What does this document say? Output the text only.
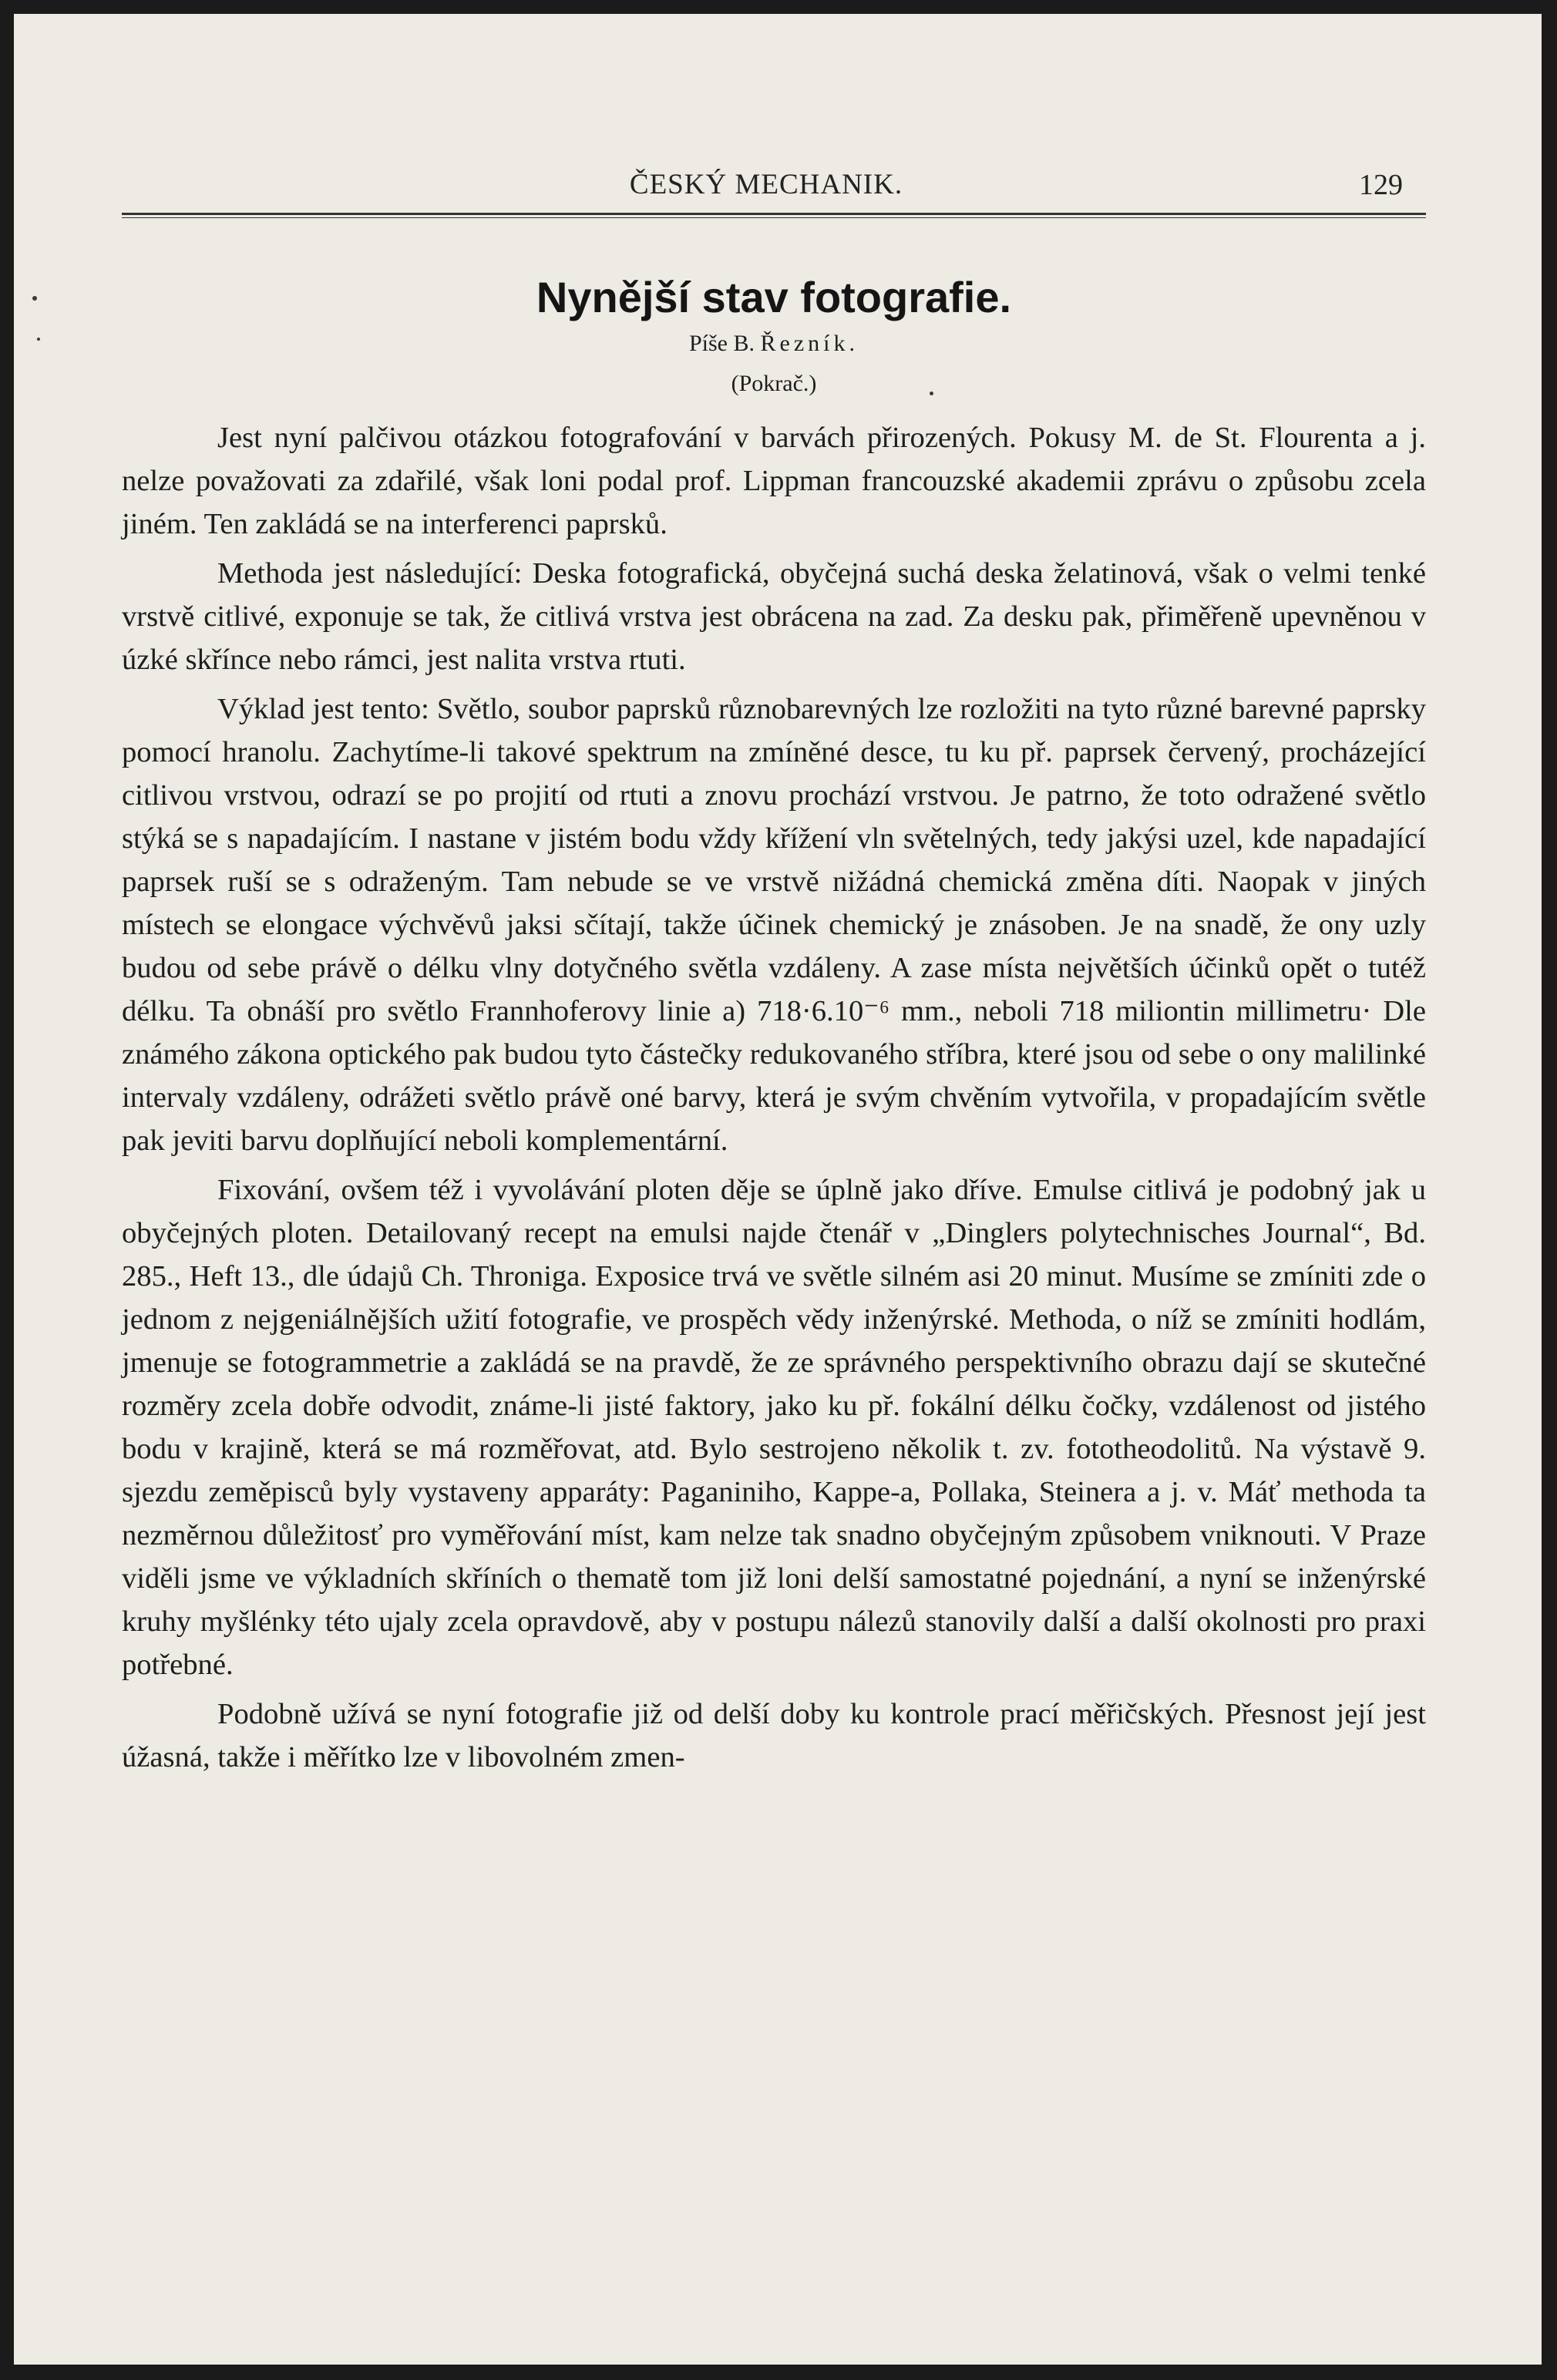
ČESKÝ MECHANIK.	129
Nynější stav fotografie.
Píše B. Řezník.
(Pokrač.)

Jest nyní palčivou otázkou fotografování v barvách přirozených. Pokusy M. de St. Flourenta a j. nelze považovati za zdařilé, však loni podal prof. Lippman francouzské akademii zprávu o způsobu zcela jiném. Ten zakládá se na interferenci paprsků.

Methoda jest následující: Deska fotografická, obyčejná suchá deska želatinová, však o velmi tenké vrstvě citlivé, exponuje se tak, že citlivá vrstva jest obrácena na zad. Za desku pak, přiměřeně upevněnou v úzké skřínce nebo rámci, jest nalita vrstva rtuti.

Výklad jest tento: Světlo, soubor paprsků různobarevných lze rozložiti na tyto různé barevné paprsky pomocí hranolu. Zachytíme-li takové spektrum na zmíněné desce, tu ku př. paprsek červený, procházející citlivou vrstvou, odrazí se po projití od rtuti a znovu prochází vrstvou. Je patrno, že toto odražené světlo stýká se s napadajícím. I nastane v jistém bodu vždy křížení vln světelných, tedy jakýsi uzel, kde napadající paprsek ruší se s odraženým. Tam nebude se ve vrstvě nižádná chemická změna díti. Naopak v jiných místech se elongace výchvěvů jaksi sčítají, takže účinek chemický je znásoben. Je na snadě, že ony uzly budou od sebe právě o délku vlny dotyčného světla vzdáleny. A zase místa největších účinků opět o tutéž délku. Ta obnáší pro světlo Frannhoferovy linie a) 718·6.10⁻⁶ mm., neboli 718 miliontin millimetru· Dle známého zákona optického pak budou tyto částečky redukovaného stříbra, které jsou od sebe o ony malilinké intervaly vzdáleny, odrážeti světlo právě oné barvy, která je svým chvěním vytvořila, v propadajícím světle pak jeviti barvu doplňující neboli komplementární.

Fixování, ovšem též i vyvolávání ploten děje se úplně jako dříve. Emulse citlivá je podobný jak u obyčejných ploten. Detailovaný recept na emulsi najde čtenář v „Dinglers polytechnisches Journal“, Bd. 285., Heft 13., dle údajů Ch. Throniga. Exposice trvá ve světle silném asi 20 minut. Musíme se zmíniti zde o jednom z nejgeniálnějších užití fotografie, ve prospěch vědy inženýrské. Methoda, o níž se zmíniti hodlám, jmenuje se fotogrammetrie a zakládá se na pravdě, že ze správného perspektivního obrazu dají se skutečné rozměry zcela dobře odvodit, známe-li jisté faktory, jako ku př. fokální délku čočky, vzdálenost od jistého bodu v krajině, která se má rozměřovat, atd. Bylo sestrojeno několik t. zv. fototheodolitů. Na výstavě 9. sjezdu zeměpisců byly vystaveny apparáty: Paganiniho, Kappe-a, Pollaka, Steinera a j. v. Máť methoda ta nezměrnou důležitosť pro vyměřování míst, kam nelze tak snadno obyčejným způsobem vniknouti. V Praze viděli jsme ve výkladních skříních o thematě tom již loni delší samostatné pojednání, a nyní se inženýrské kruhy myšlénky této ujaly zcela opravdově, aby v postupu nálezů stanovily další a další okolnosti pro praxi potřebné.

Podobně užívá se nyní fotografie již od delší doby ku kontrole prací měřičských. Přesnost její jest úžasná, takže i měřítko lze v libovolném zmen-
